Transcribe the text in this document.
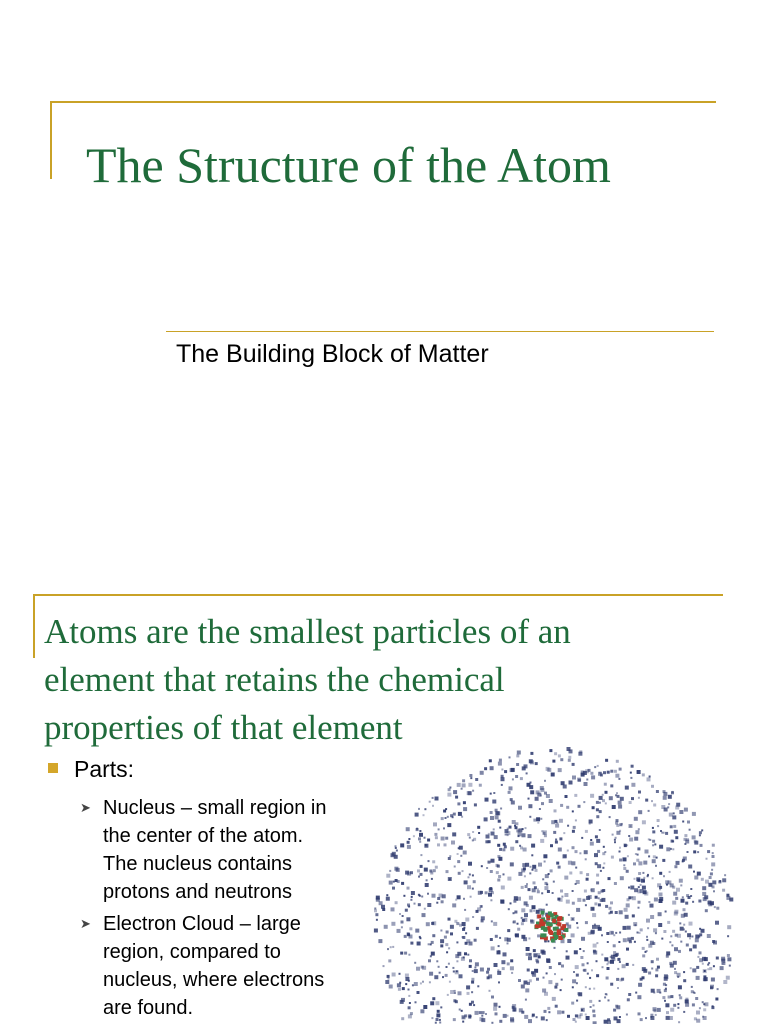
The Structure of the Atom

The Building Block of Matter

Atoms are the smallest particles of an
element that retains the chemical
properties of that element
Parts:
➤ Nucleus – small region in
the center of the atom.
The nucleus contains
protons and neutrons
➤ Electron Cloud – large
region, compared to
nucleus, where electrons
are found.
